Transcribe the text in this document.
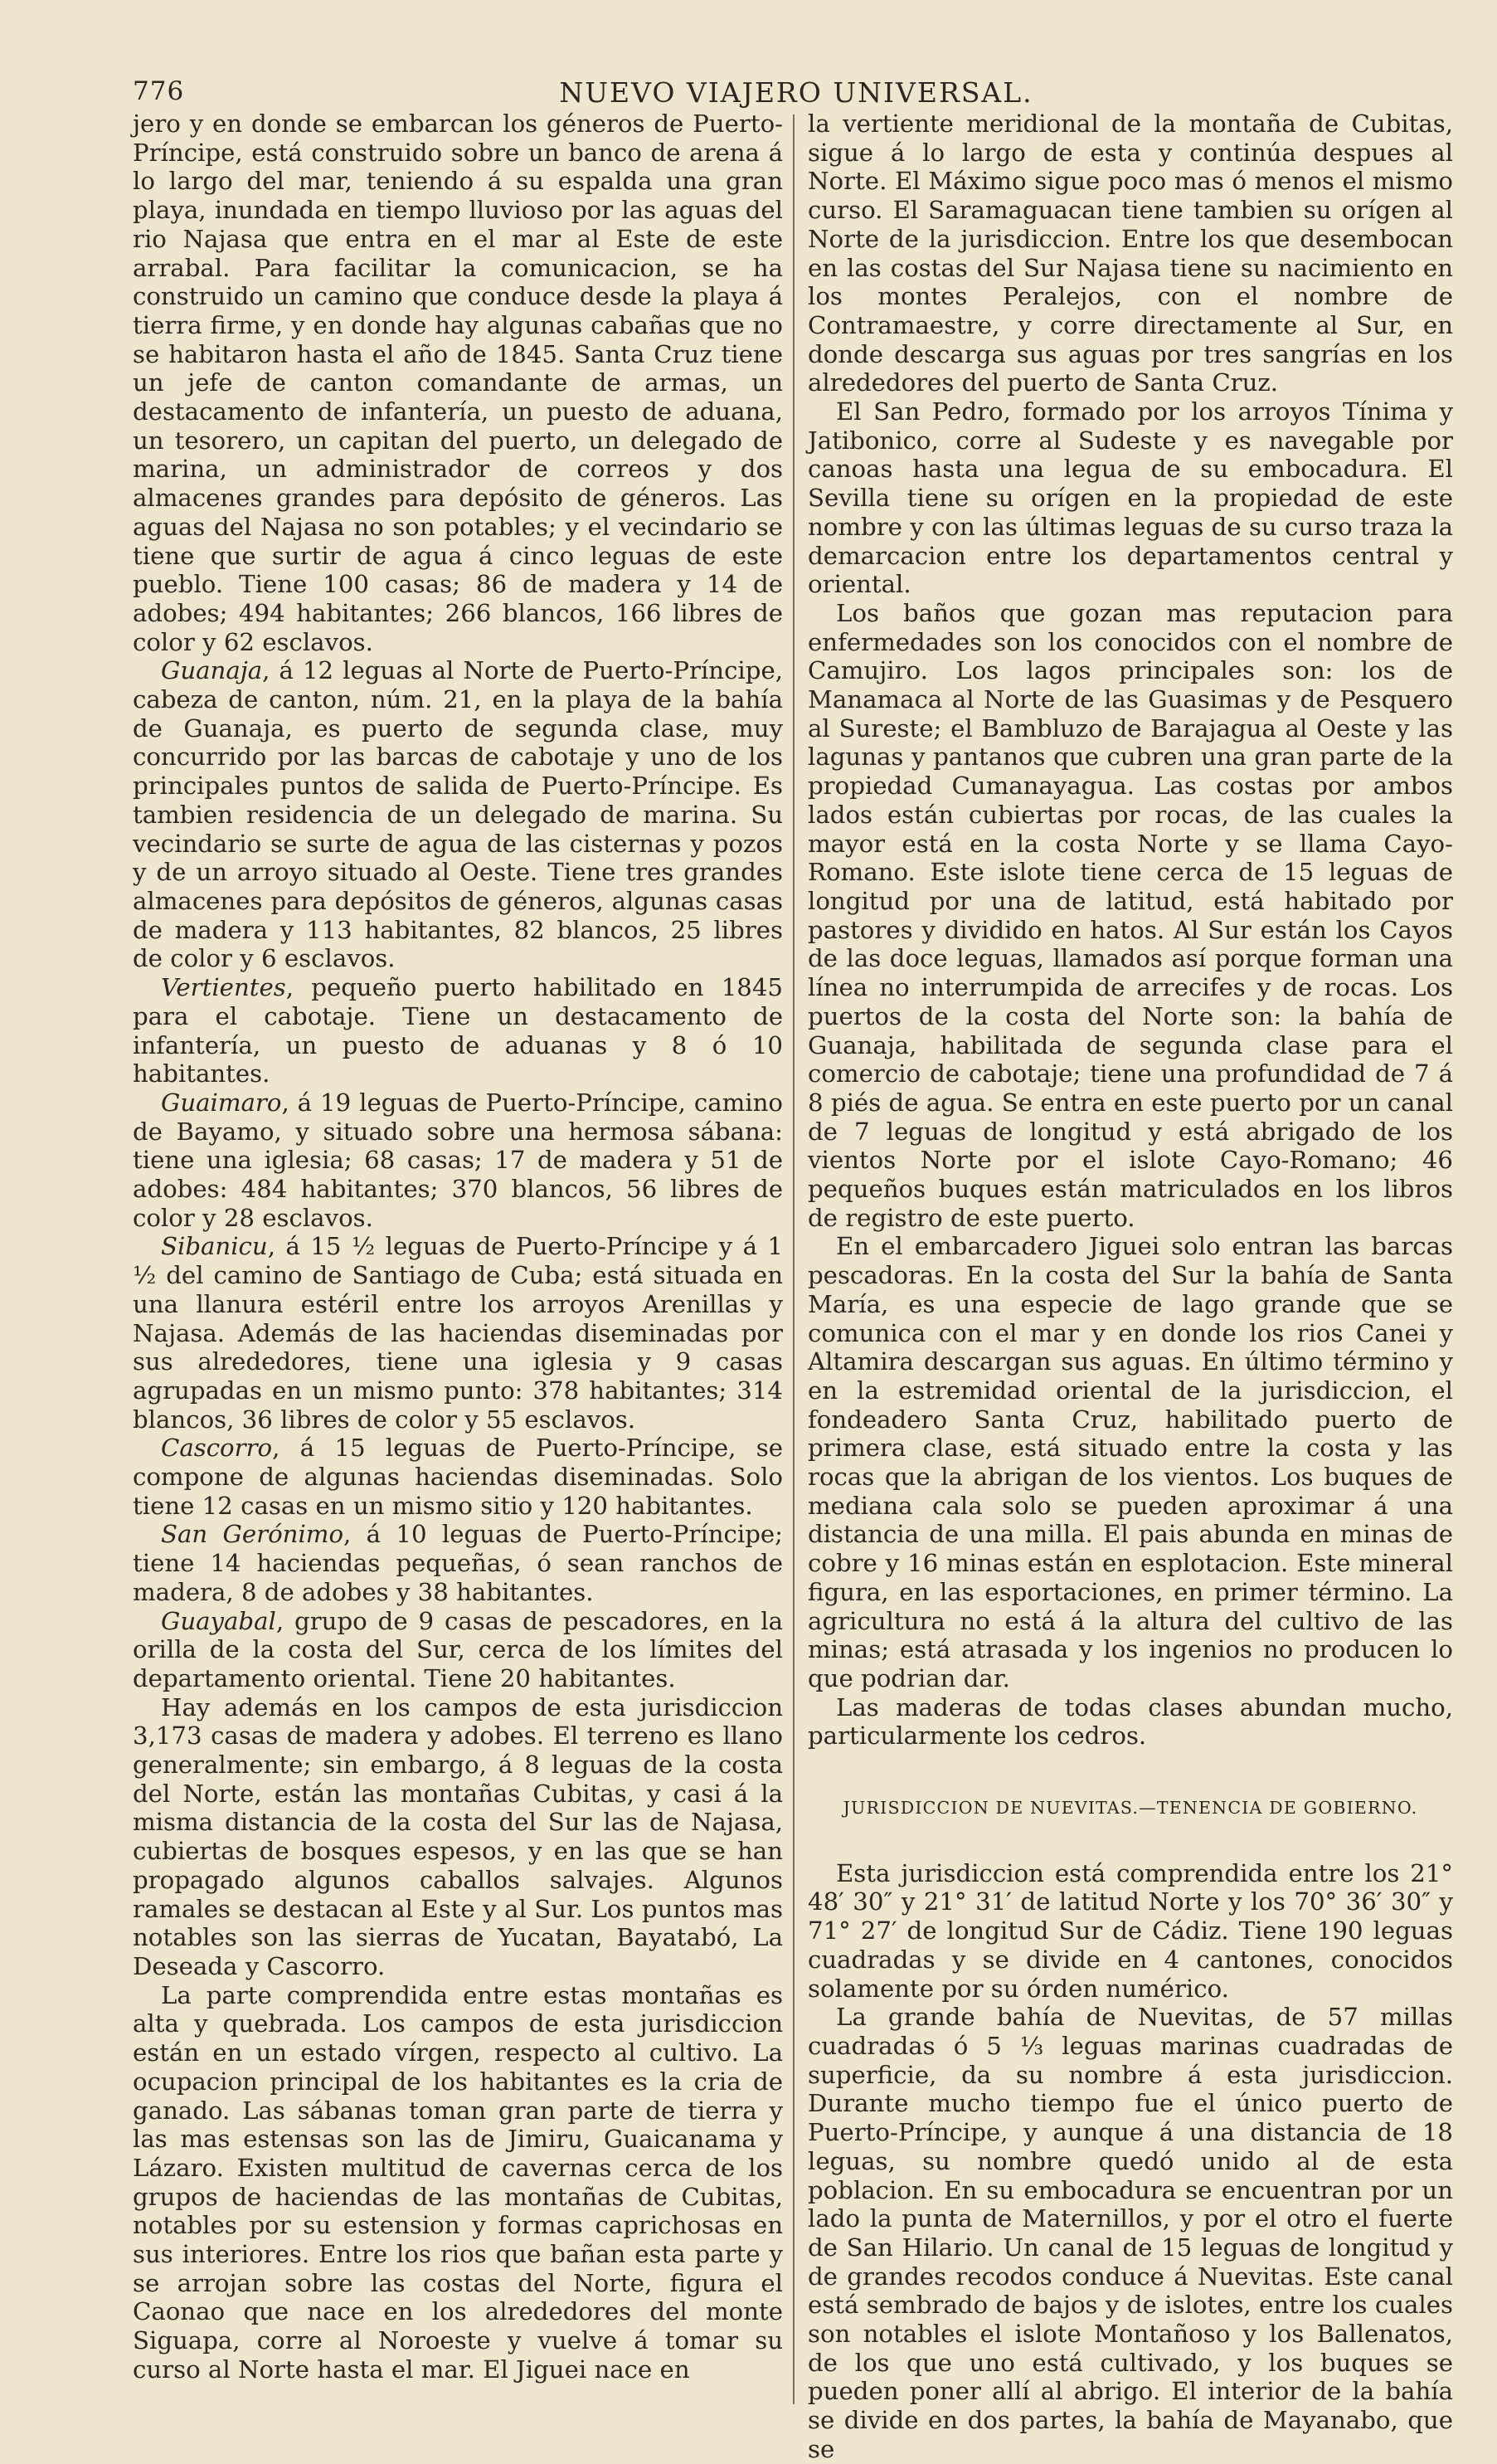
776	NUEVO VIAJERO UNIVERSAL.

jero y en donde se embarcan los géneros de Puerto-Príncipe, está construido sobre un banco de arena á lo largo del mar, teniendo á su espalda una gran playa, inundada en tiempo lluvioso por las aguas del rio Najasa que entra en el mar al Este de este arrabal. Para facilitar la comunicacion, se ha construido un camino que conduce desde la playa á tierra firme, y en donde hay algunas cabañas que no se habitaron hasta el año de 1845. Santa Cruz tiene un jefe de canton comandante de armas, un destacamento de infantería, un puesto de aduana, un tesorero, un capitan del puerto, un delegado de marina, un administrador de correos y dos almacenes grandes para depósito de géneros. Las aguas del Najasa no son potables; y el vecindario se tiene que surtir de agua á cinco leguas de este pueblo. Tiene 100 casas; 86 de madera y 14 de adobes; 494 habitantes; 266 blancos, 166 libres de color y 62 esclavos.

Guanaja, á 12 leguas al Norte de Puerto-Príncipe, cabeza de canton, núm. 21, en la playa de la bahía de Guanaja, es puerto de segunda clase, muy concurrido por las barcas de cabotaje y uno de los principales puntos de salida de Puerto-Príncipe. Es tambien residencia de un delegado de marina. Su vecindario se surte de agua de las cisternas y pozos y de un arroyo situado al Oeste. Tiene tres grandes almacenes para depósitos de géneros, algunas casas de madera y 113 habitantes, 82 blancos, 25 libres de color y 6 esclavos.

Vertientes, pequeño puerto habilitado en 1845 para el cabotaje. Tiene un destacamento de infantería, un puesto de aduanas y 8 ó 10 habitantes.

Guaimaro, á 19 leguas de Puerto-Príncipe, camino de Bayamo, y situado sobre una hermosa sábana: tiene una iglesia; 68 casas; 17 de madera y 51 de adobes: 484 habitantes; 370 blancos, 56 libres de color y 28 esclavos.

Sibanicu, á 15 ½ leguas de Puerto-Príncipe y á 1 ½ del camino de Santiago de Cuba; está situada en una llanura estéril entre los arroyos Arenillas y Najasa. Además de las haciendas diseminadas por sus alrededores, tiene una iglesia y 9 casas agrupadas en un mismo punto: 378 habitantes; 314 blancos, 36 libres de color y 55 esclavos.

Cascorro, á 15 leguas de Puerto-Príncipe, se compone de algunas haciendas diseminadas. Solo tiene 12 casas en un mismo sitio y 120 habitantes.

San Gerónimo, á 10 leguas de Puerto-Príncipe; tiene 14 haciendas pequeñas, ó sean ranchos de madera, 8 de adobes y 38 habitantes.

Guayabal, grupo de 9 casas de pescadores, en la orilla de la costa del Sur, cerca de los límites del departamento oriental. Tiene 20 habitantes.

Hay además en los campos de esta jurisdiccion 3,173 casas de madera y adobes. El terreno es llano generalmente; sin embargo, á 8 leguas de la costa del Norte, están las montañas Cubitas, y casi á la misma distancia de la costa del Sur las de Najasa, cubiertas de bosques espesos, y en las que se han propagado algunos caballos salvajes. Algunos ramales se destacan al Este y al Sur. Los puntos mas notables son las sierras de Yucatan, Bayatabó, La Deseada y Cascorro.

La parte comprendida entre estas montañas es alta y quebrada. Los campos de esta jurisdiccion están en un estado vírgen, respecto al cultivo. La ocupacion principal de los habitantes es la cria de ganado. Las sábanas toman gran parte de tierra y las mas estensas son las de Jimiru, Guaicanama y Lázaro. Existen multitud de cavernas cerca de los grupos de haciendas de las montañas de Cubitas, notables por su estension y formas caprichosas en sus interiores. Entre los rios que bañan esta parte y se arrojan sobre las costas del Norte, figura el Caonao que nace en los alrededores del monte Siguapa, corre al Noroeste y vuelve á tomar su curso al Norte hasta el mar. El Jiguei nace en

la vertiente meridional de la montaña de Cubitas, sigue á lo largo de esta y continúa despues al Norte. El Máximo sigue poco mas ó menos el mismo curso. El Saramaguacan tiene tambien su orígen al Norte de la jurisdiccion. Entre los que desembocan en las costas del Sur Najasa tiene su nacimiento en los montes Peralejos, con el nombre de Contramaestre, y corre directamente al Sur, en donde descarga sus aguas por tres sangrías en los alrededores del puerto de Santa Cruz.

El San Pedro, formado por los arroyos Tínima y Jatibonico, corre al Sudeste y es navegable por canoas hasta una legua de su embocadura. El Sevilla tiene su orígen en la propiedad de este nombre y con las últimas leguas de su curso traza la demarcacion entre los departamentos central y oriental.

Los baños que gozan mas reputacion para enfermedades son los conocidos con el nombre de Camujiro. Los lagos principales son: los de Manamaca al Norte de las Guasimas y de Pesquero al Sureste; el Bambluzo de Barajagua al Oeste y las lagunas y pantanos que cubren una gran parte de la propiedad Cumanayagua. Las costas por ambos lados están cubiertas por rocas, de las cuales la mayor está en la costa Norte y se llama Cayo-Romano. Este islote tiene cerca de 15 leguas de longitud por una de latitud, está habitado por pastores y dividido en hatos. Al Sur están los Cayos de las doce leguas, llamados así porque forman una línea no interrumpida de arrecifes y de rocas. Los puertos de la costa del Norte son: la bahía de Guanaja, habilitada de segunda clase para el comercio de cabotaje; tiene una profundidad de 7 á 8 piés de agua. Se entra en este puerto por un canal de 7 leguas de longitud y está abrigado de los vientos Norte por el islote Cayo-Romano; 46 pequeños buques están matriculados en los libros de registro de este puerto.

En el embarcadero Jiguei solo entran las barcas pescadoras. En la costa del Sur la bahía de Santa María, es una especie de lago grande que se comunica con el mar y en donde los rios Canei y Altamira descargan sus aguas. En último término y en la estremidad oriental de la jurisdiccion, el fondeadero Santa Cruz, habilitado puerto de primera clase, está situado entre la costa y las rocas que la abrigan de los vientos. Los buques de mediana cala solo se pueden aproximar á una distancia de una milla. El pais abunda en minas de cobre y 16 minas están en esplotacion. Este mineral figura, en las esportaciones, en primer término. La agricultura no está á la altura del cultivo de las minas; está atrasada y los ingenios no producen lo que podrian dar.

Las maderas de todas clases abundan mucho, particularmente los cedros.

JURISDICCION DE NUEVITAS.—TENENCIA DE GOBIERNO.

Esta jurisdiccion está comprendida entre los 21° 48′ 30″ y 21° 31′ de latitud Norte y los 70° 36′ 30″ y 71° 27′ de longitud Sur de Cádiz. Tiene 190 leguas cuadradas y se divide en 4 cantones, conocidos solamente por su órden numérico.

La grande bahía de Nuevitas, de 57 millas cuadradas ó 5 ⅓ leguas marinas cuadradas de superficie, da su nombre á esta jurisdiccion. Durante mucho tiempo fue el único puerto de Puerto-Príncipe, y aunque á una distancia de 18 leguas, su nombre quedó unido al de esta poblacion. En su embocadura se encuentran por un lado la punta de Maternillos, y por el otro el fuerte de San Hilario. Un canal de 15 leguas de longitud y de grandes recodos conduce á Nuevitas. Este canal está sembrado de bajos y de islotes, entre los cuales son notables el islote Montañoso y los Ballenatos, de los que uno está cultivado, y los buques se pueden poner allí al abrigo. El interior de la bahía se divide en dos partes, la bahía de Mayanabo, que se
